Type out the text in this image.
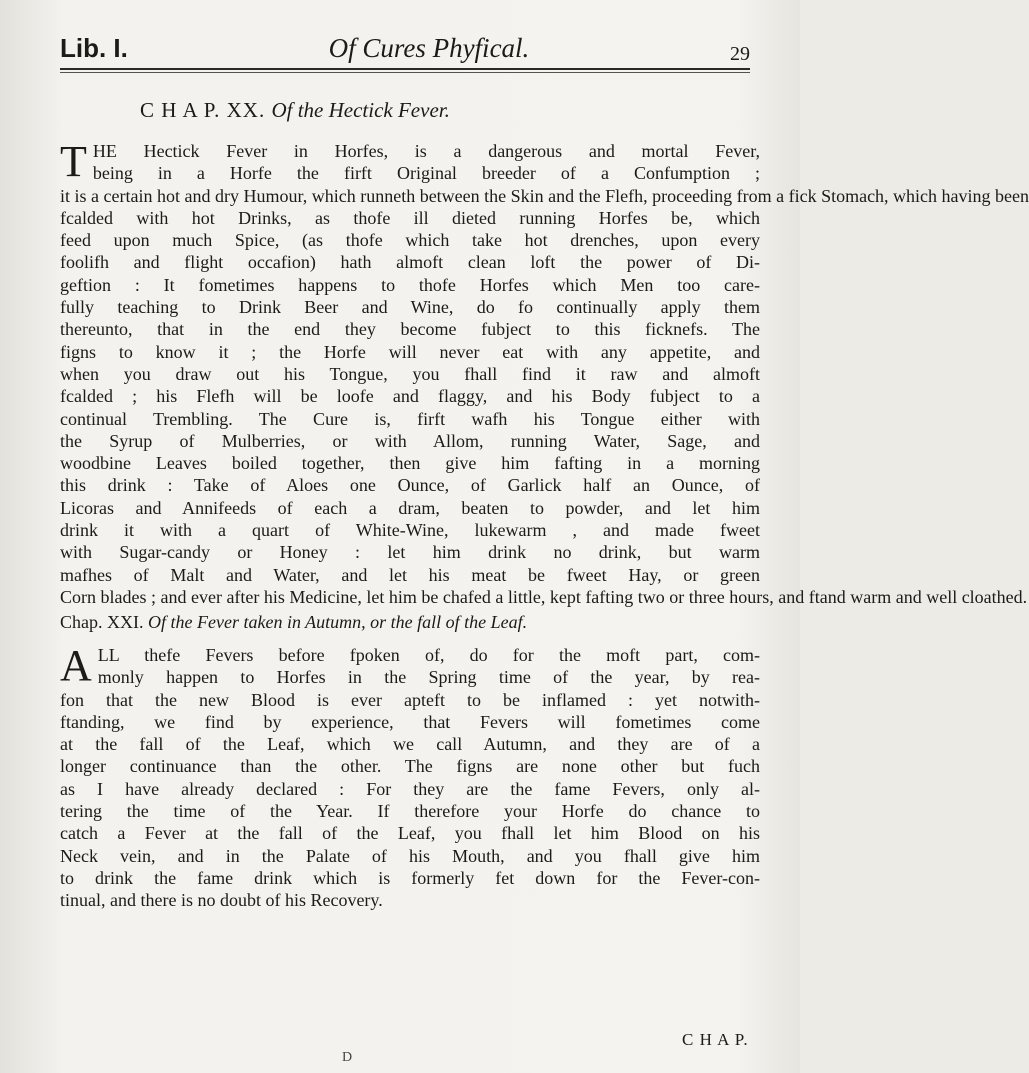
Lib. I.	Of Cures Phyfical.	29
C H A P. XX. Of the Hectick Fever.
T HE Hectick Fever in Horfes, is a dangerous and mortal Fever,
being in a Horfe the firft Original breeder of a Confumption ;
it is a certain hot and dry Humour, which runneth between the Skin and the Flefh, proceeding from a fick Stomach, which having been
fcalded with hot Drinks, as thofe ill dieted running Horfes be, which
feed upon much Spice, (as thofe which take hot drenches, upon every
foolifh and flight occafion) hath almoft clean loft the power of Di-
geftion : It fometimes happens to thofe Horfes which Men too care-
fully teaching to Drink Beer and Wine, do fo continually apply them
thereunto, that in the end they become fubject to this ficknefs. The
figns to know it ; the Horfe will never eat with any appetite, and
when you draw out his Tongue, you fhall find it raw and almoft
fcalded ; his Flefh will be loofe and flaggy, and his Body fubject to a
continual Trembling. The Cure is, firft wafh his Tongue either with
the Syrup of Mulberries, or with Allom, running Water, Sage, and
woodbine Leaves boiled together, then give him fafting in a morning
this drink : Take of Aloes one Ounce, of Garlick half an Ounce, of
Licoras and Annifeeds of each a dram, beaten to powder, and let him
drink it with a quart of White-Wine, lukewarm , and made fweet
with Sugar-candy or Honey : let him drink no drink, but warm
mafhes of Malt and Water, and let his meat be fweet Hay, or green
Corn blades ; and ever after his Medicine, let him be chafed a little, kept fafting two or three hours, and ftand warm and well cloathed.
Chap. XXI. Of the Fever taken in Autumn, or the fall of the Leaf.
A LL thefe Fevers before fpoken of, do for the moft part, com-
monly happen to Horfes in the Spring time of the year, by rea-
fon that the new Blood is ever apteft to be inflamed : yet notwith-
ftanding, we find by experience, that Fevers will fometimes come
at the fall of the Leaf, which we call Autumn, and they are of a
longer continuance than the other. The figns are none other but fuch
as I have already declared : For they are the fame Fevers, only al-
tering the time of the Year. If therefore your Horfe do chance to
catch a Fever at the fall of the Leaf, you fhall let him Blood on his
Neck vein, and in the Palate of his Mouth, and you fhall give him
to drink the fame drink which is formerly fet down for the Fever-con-
tinual, and there is no doubt of his Recovery.
C H A P.
D
